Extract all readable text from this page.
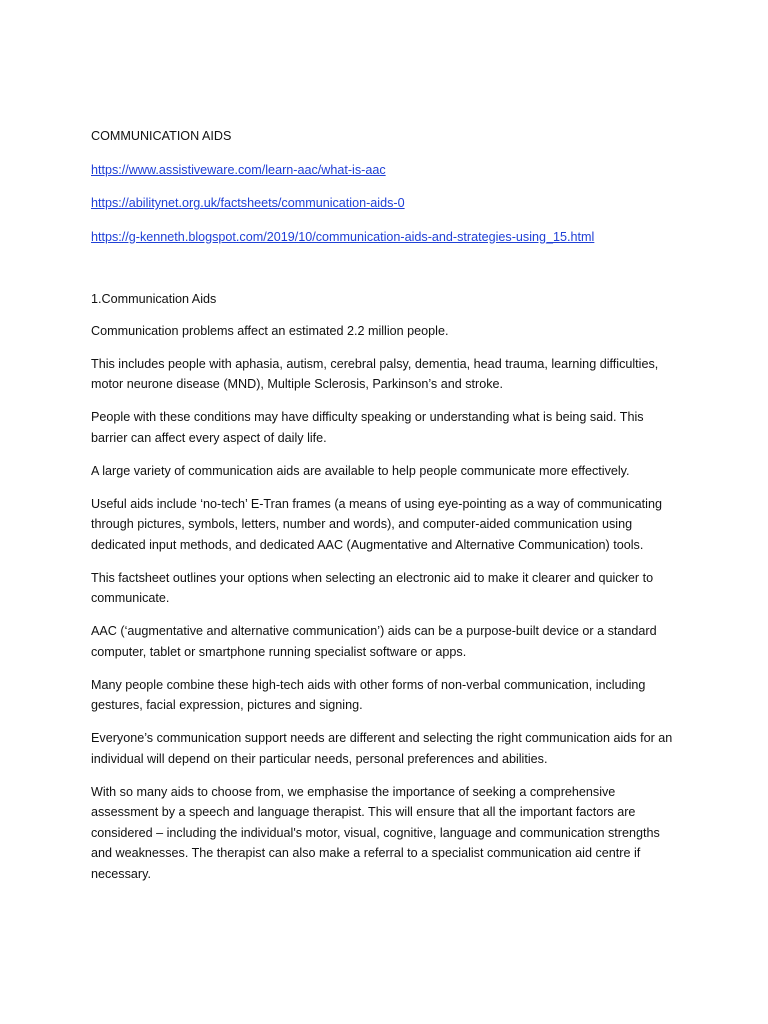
COMMUNICATION AIDS
https://www.assistiveware.com/learn-aac/what-is-aac
https://abilitynet.org.uk/factsheets/communication-aids-0
https://g-kenneth.blogspot.com/2019/10/communication-aids-and-strategies-using_15.html
1.Communication Aids

Communication problems affect an estimated 2.2 million people.

This includes people with aphasia, autism, cerebral palsy, dementia, head trauma, learning difficulties, motor neurone disease (MND), Multiple Sclerosis, Parkinson’s and stroke.

People with these conditions may have difficulty speaking or understanding what is being said. This barrier can affect every aspect of daily life.

A large variety of communication aids are available to help people communicate more effectively.

Useful aids include ‘no-tech’ E-Tran frames (a means of using eye-pointing as a way of communicating through pictures, symbols, letters, number and words), and computer-aided communication using dedicated input methods, and dedicated AAC (Augmentative and Alternative Communication) tools.

This factsheet outlines your options when selecting an electronic aid to make it clearer and quicker to communicate.

AAC (‘augmentative and alternative communication’) aids can be a purpose-built device or a standard computer, tablet or smartphone running specialist software or apps.

Many people combine these high-tech aids with other forms of non-verbal communication, including gestures, facial expression, pictures and signing.

Everyone’s communication support needs are different and selecting the right communication aids for an individual will depend on their particular needs, personal preferences and abilities.

With so many aids to choose from, we emphasise the importance of seeking a comprehensive assessment by a speech and language therapist. This will ensure that all the important factors are considered – including the individual's motor, visual, cognitive, language and communication strengths and weaknesses. The therapist can also make a referral to a specialist communication aid centre if necessary.
